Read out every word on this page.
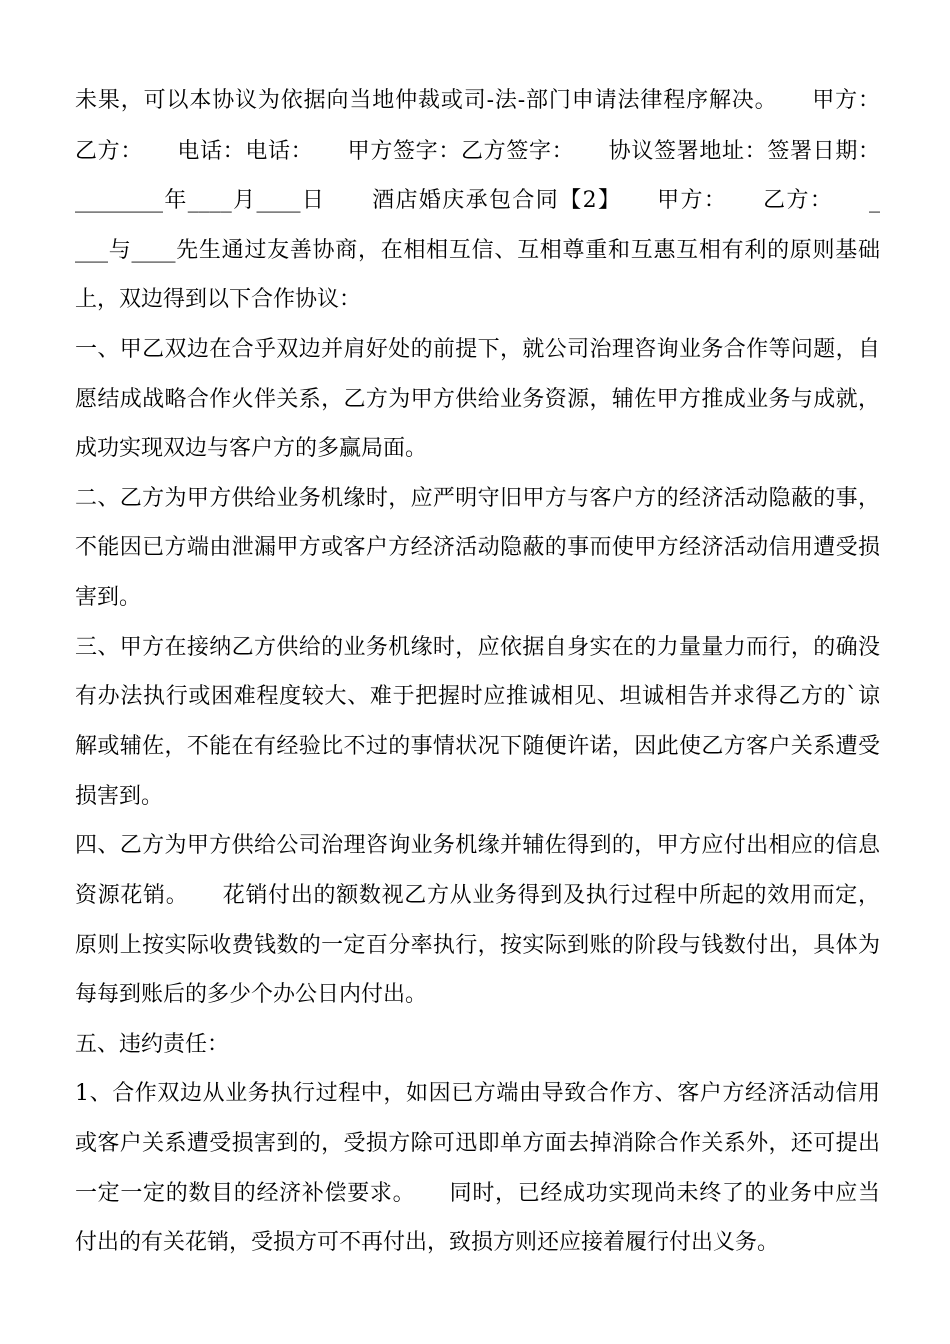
未果，可以本协议为依据向当地仲裁或司-法-部门申请法律程序解决。　　甲方：
乙方：　　电话：电话：　　甲方签字：乙方签字：　　协议签署地址：签署日期：
________年____月____日　　酒店婚庆承包合同【2】　　甲方：　　乙方：　　_
___与____先生通过友善协商，在相相互信、互相尊重和互惠互相有利的原则基础
上，双边得到以下合作协议：
一、甲乙双边在合乎双边并肩好处的前提下，就公司治理咨询业务合作等问题，自
愿结成战略合作火伴关系，乙方为甲方供给业务资源，辅佐甲方推成业务与成就，
成功实现双边与客户方的多赢局面。
二、乙方为甲方供给业务机缘时，应严明守旧甲方与客户方的经济活动隐蔽的事，
不能因已方端由泄漏甲方或客户方经济活动隐蔽的事而使甲方经济活动信用遭受损
害到。
三、甲方在接纳乙方供给的业务机缘时，应依据自身实在的力量量力而行，的确没
有办法执行或困难程度较大、难于把握时应推诚相见、坦诚相告并求得乙方的`谅
解或辅佐，不能在有经验比不过的事情状况下随便许诺，因此使乙方客户关系遭受
损害到。
四、乙方为甲方供给公司治理咨询业务机缘并辅佐得到的，甲方应付出相应的信息
资源花销。　　花销付出的额数视乙方从业务得到及执行过程中所起的效用而定，
原则上按实际收费钱数的一定百分率执行，按实际到账的阶段与钱数付出，具体为
每每到账后的多少个办公日内付出。
五、违约责任：
1、合作双边从业务执行过程中，如因已方端由导致合作方、客户方经济活动信用
或客户关系遭受损害到的，受损方除可迅即单方面去掉消除合作关系外，还可提出
一定一定的数目的经济补偿要求。　　同时，已经成功实现尚未终了的业务中应当
付出的有关花销，受损方可不再付出，致损方则还应接着履行付出义务。
